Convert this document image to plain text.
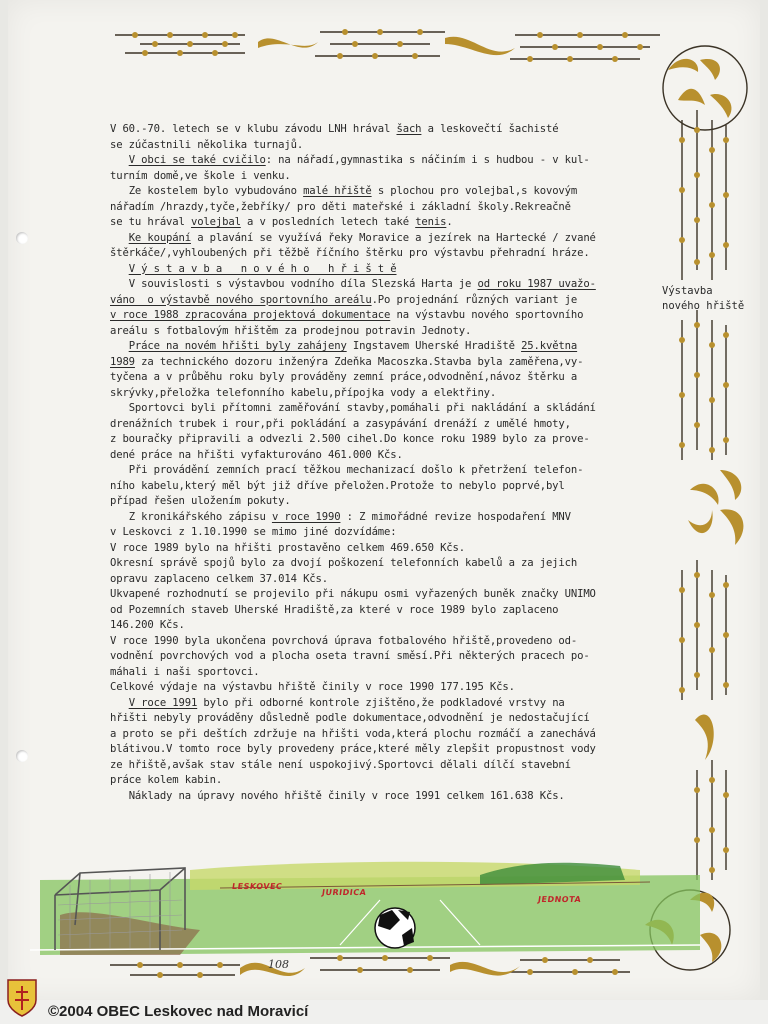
LESKOVEC
JURIDICA
JEDNOTA

V 60.-70. letech se v klubu závodu LNH hrával šach a leskovečtí šachisté

se zúčastnili několika turnajů.

V obci se také cvičilo: na nářadí,gymnastika s náčiním i s hudbou - v kul-

turním domě,ve škole i venku.

Ze kostelem bylo vybudováno malé hřiště s plochou pro volejbal,s kovovým

nářadím /hrazdy,tyče,žebříky/ pro děti mateřské i základní školy.Rekreačně

se tu hrával volejbal a v posledních letech také tenis.

Ke koupání a plavání se využívá řeky Moravice a jezírek na Hartecké / zvané

štěrkáče/,vyhloubených při těžbě říčního štěrku pro výstavbu přehradní hráze.

V ý s t a v b a   n o v é h o   h ř i š t ě

V souvislosti s výstavbou vodního díla Slezská Harta je od roku 1987 uvažo-

váno  o výstavbě nového sportovního areálu.Po projednání různých variant je

v roce 1988 zpracována projektová dokumentace na výstavbu nového sportovního

areálu s fotbalovým hřištěm za prodejnou potravin Jednoty.

Práce na novém hřišti byly zahájeny Ingstavem Uherské Hradiště 25.května

1989 za technického dozoru inženýra Zdeňka Macoszka.Stavba byla zaměřena,vy-

tyčena a v průběhu roku byly prováděny zemní práce,odvodnění,návoz štěrku a

skrývky,přeložka telefonního kabelu,přípojka vody a elektřiny.

Sportovci byli přítomni zaměřování stavby,pomáhali při nakládání a skládání

drenážních trubek i rour,při pokládání a zasypávání drenáží z umělé hmoty,

z bouračky připravili a odvezli 2.500 cihel.Do konce roku 1989 bylo za prove-

dené práce na hřišti vyfakturováno 461.000 Kčs.

Při provádění zemních prací těžkou mechanizací došlo k přetržení telefon-

ního kabelu,který měl být již dříve přeložen.Protože to nebylo poprvé,byl

případ řešen uložením pokuty.

Z kronikářského zápisu v roce 1990 : Z mimořádné revize hospodaření MNV

v Leskovci z 1.10.1990 se mimo jiné dozvídáme:

V roce 1989 bylo na hřišti prostavěno celkem 469.650 Kčs.

Okresní správě spojů bylo za dvojí poškození telefonních kabelů a za jejich

opravu zaplaceno celkem 37.014 Kčs.

Ukvapené rozhodnutí se projevilo při nákupu osmi vyřazených buněk značky UNIMO

od Pozemních staveb Uherské Hradiště,za které v roce 1989 bylo zaplaceno

146.200 Kčs.

V roce 1990 byla ukončena povrchová úprava fotbalového hřiště,provedeno od-

vodnění povrchových vod a plocha oseta travní směsí.Při některých pracech po-

máhali i naši sportovci.

Celkové výdaje na výstavbu hřiště činily v roce 1990 177.195 Kčs.

V roce 1991 bylo při odborné kontrole zjištěno,že podkladové vrstvy na

hřišti nebyly prováděny důsledně podle dokumentace,odvodnění je nedostačující

a proto se při deštích zdržuje na hřišti voda,která plochu rozmáčí a zanechává

blátivou.V tomto roce byly provedeny práce,které měly zlepšit propustnost vody

ze hřiště,avšak stav stále není uspokojivý.Sportovci dělali dílčí stavební

práce kolem kabin.

Náklady na úpravy nového hřiště činily v roce 1991 celkem 161.638 Kčs.

Výstavba
nového hřiště
108
©2004 OBEC Leskovec nad Moravicí
